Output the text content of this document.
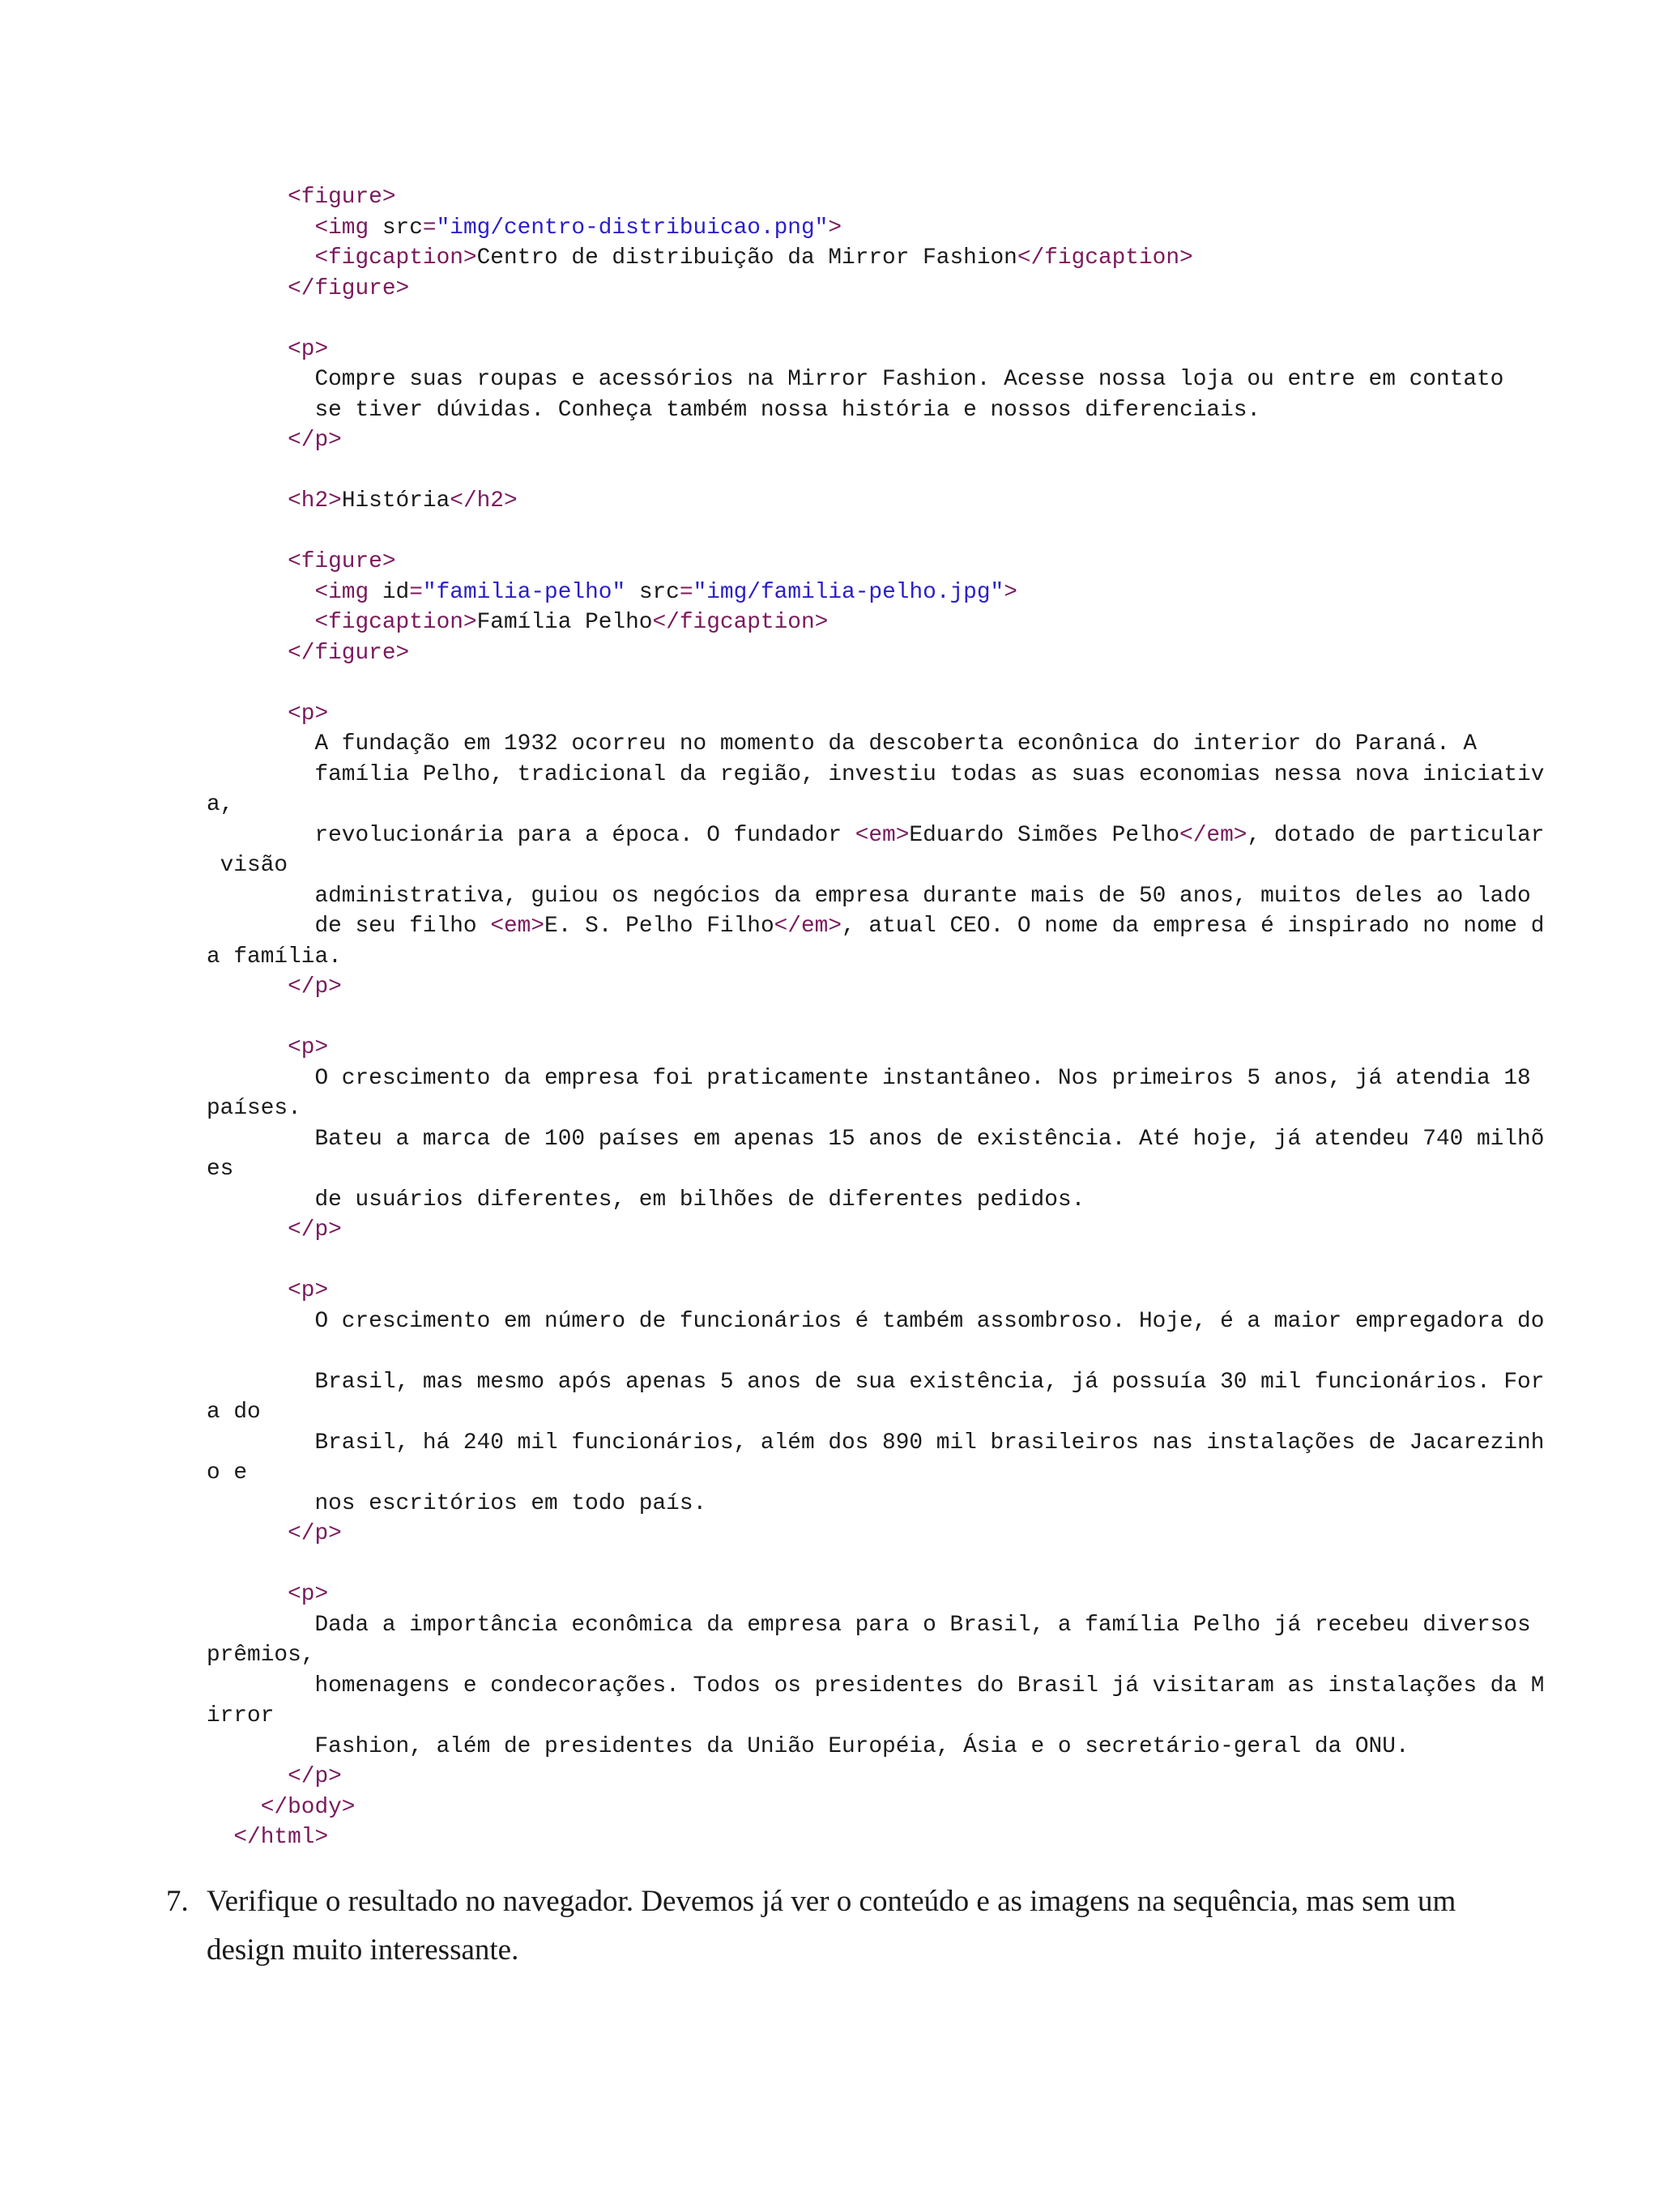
<figure>
<img src="img/centro-distribuicao.png">
<figcaption>Centro de distribuição da Mirror Fashion</figcaption>
</figure>
<p>
Compre suas roupas e acessórios na Mirror Fashion. Acesse nossa loja ou entre em contato
se tiver dúvidas. Conheça também nossa história e nossos diferenciais.
</p>
<h2>História</h2>
<figure>
<img id="familia-pelho" src="img/familia-pelho.jpg">
<figcaption>Família Pelho</figcaption>
</figure>
<p>
A fundação em 1932 ocorreu no momento da descoberta econônica do interior do Paraná. A
família Pelho, tradicional da região, investiu todas as suas economias nessa nova iniciativ
a,
revolucionária para a época. O fundador <em>Eduardo Simões Pelho</em>, dotado de particular
visão
administrativa, guiou os negócios da empresa durante mais de 50 anos, muitos deles ao lado
de seu filho <em>E. S. Pelho Filho</em>, atual CEO. O nome da empresa é inspirado no nome d
a família.
</p>
<p>
O crescimento da empresa foi praticamente instantâneo. Nos primeiros 5 anos, já atendia 18
países.
Bateu a marca de 100 países em apenas 15 anos de existência. Até hoje, já atendeu 740 milhõ
es
de usuários diferentes, em bilhões de diferentes pedidos.
</p>
<p>
O crescimento em número de funcionários é também assombroso. Hoje, é a maior empregadora do
Brasil, mas mesmo após apenas 5 anos de sua existência, já possuía 30 mil funcionários. For
a do
Brasil, há 240 mil funcionários, além dos 890 mil brasileiros nas instalações de Jacarezinh
o e
nos escritórios em todo país.
</p>
<p>
Dada a importância econômica da empresa para o Brasil, a família Pelho já recebeu diversos
prêmios,
homenagens e condecorações. Todos os presidentes do Brasil já visitaram as instalações da M
irror
Fashion, além de presidentes da União Européia, Ásia e o secretário-geral da ONU.
</p>
</body>
</html>
7. Verifique o resultado no navegador. Devemos já ver o conteúdo e as imagens na sequência, mas sem um design muito interessante.
